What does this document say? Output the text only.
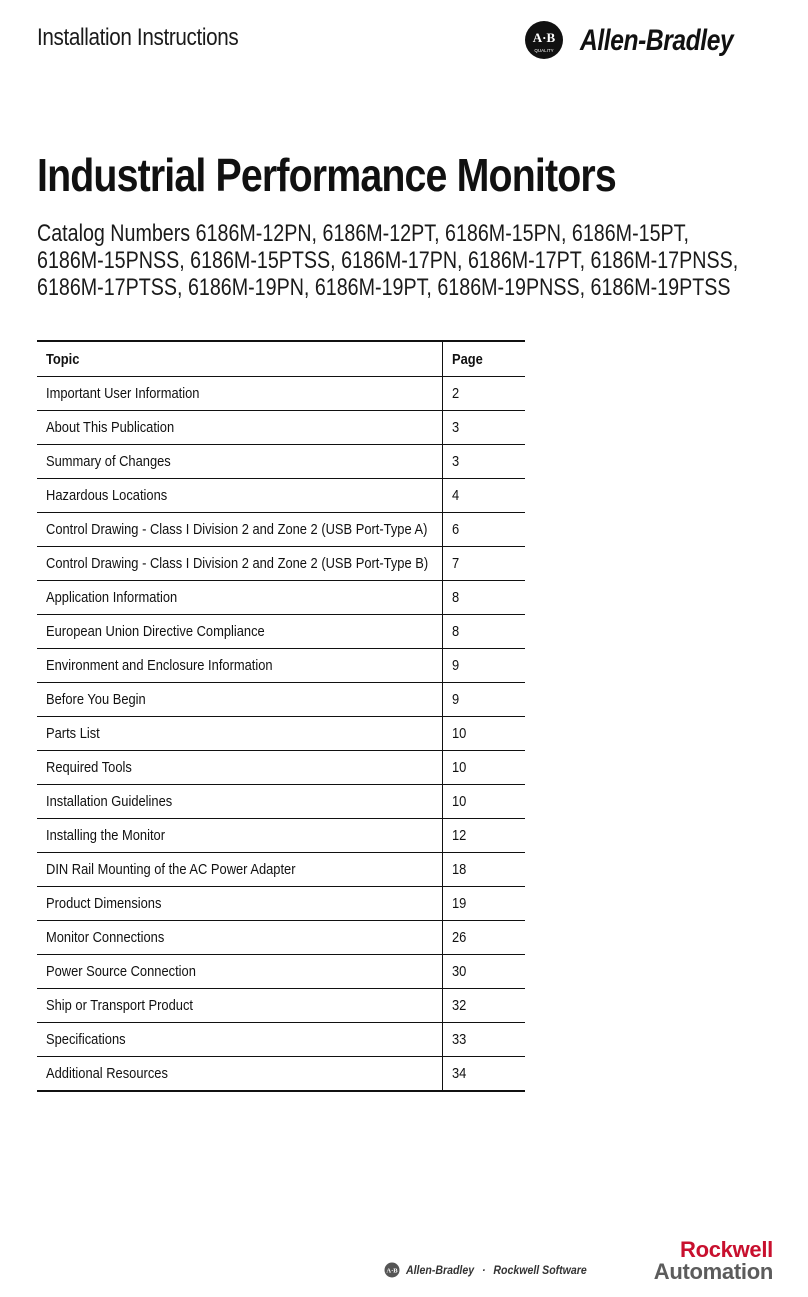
Installation Instructions	A·B
QUALITY Allen-Bradley
Industrial Performance Monitors
Catalog Numbers 6186M-12PN, 6186M-12PT, 6186M-15PN, 6186M-15PT,
6186M-15PNSS, 6186M-15PTSS, 6186M-17PN, 6186M-17PT, 6186M-17PNSS,
6186M-17PTSS, 6186M-19PN, 6186M-19PT, 6186M-19PNSS, 6186M-19PTSS
Topic	Page
Important User Information	2
About This Publication	3
Summary of Changes	3
Hazardous Locations	4
Control Drawing - Class I Division 2 and Zone 2 (USB Port-Type A) 6
Control Drawing - Class I Division 2 and Zone 2 (USB Port-Type B) 7
Application Information	8
European Union Directive Compliance	8
Environment and Enclosure Information	9
Before You Begin	9
Parts List	10
Required Tools	10
Installation Guidelines	10
Installing the Monitor	12
DIN Rail Mounting of the AC Power Adapter	18
Product Dimensions	19
Monitor Connections	26
Power Source Connection	30
Ship or Transport Product	32
Specifications	33
Additional Resources	34
A·B Allen-Bradley · Rockwell Software
Rockwell
Automation
